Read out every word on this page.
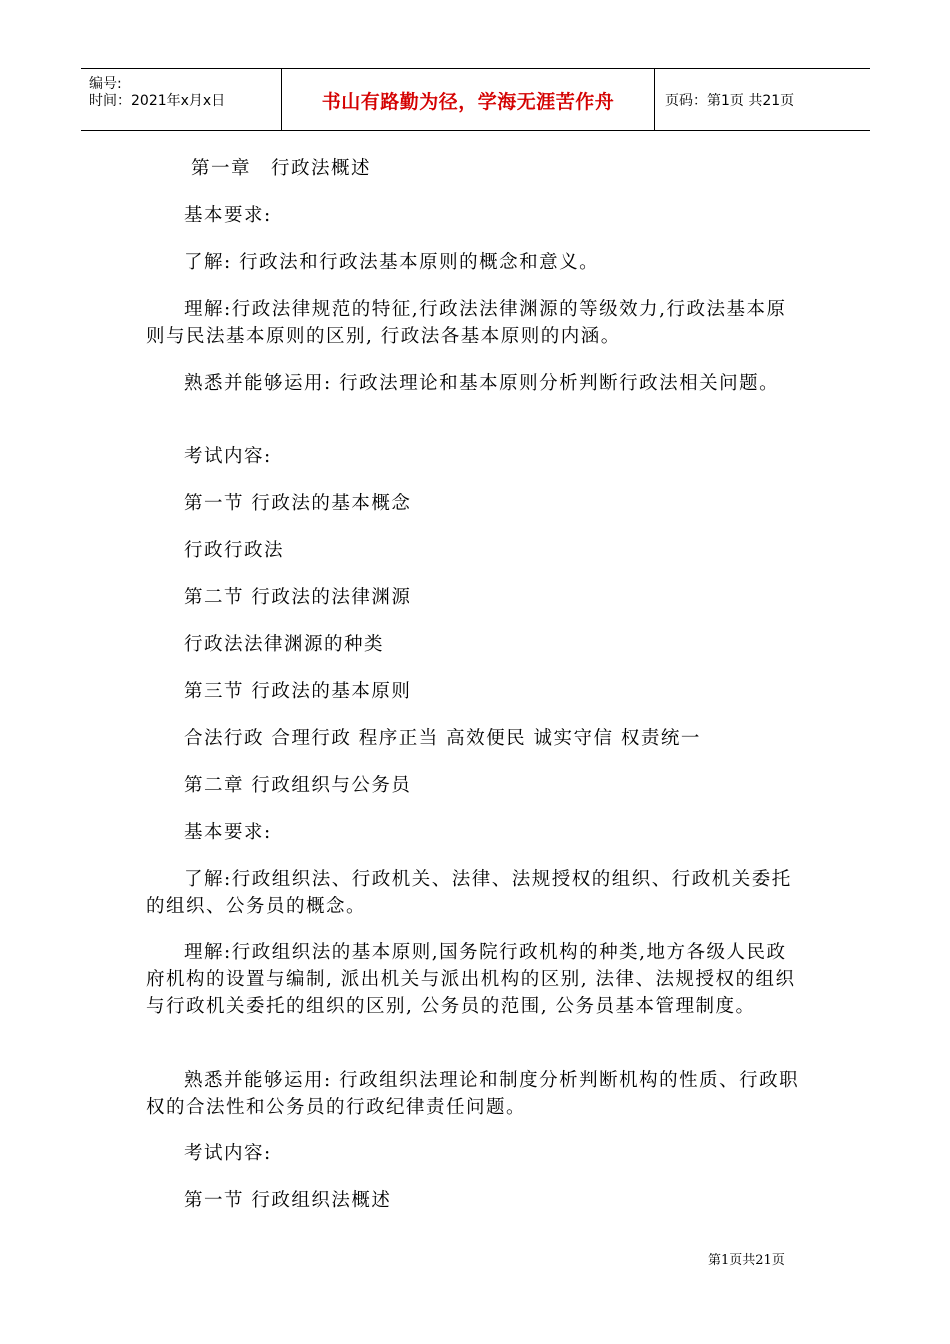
编号:
时间：2021年x月x日	书山有路勤为径，学海无涯苦作舟	页码：第1页 共21页

第一章　行政法概述

基本要求:

了解: 行政法和行政法基本原则的概念和意义。

理解:行政法律规范的特征,行政法法律渊源的等级效力,行政法基本原则与民法基本原则的区别, 行政法各基本原则的内涵。

熟悉并能够运用: 行政法理论和基本原则分析判断行政法相关问题。

考试内容:

第一节 行政法的基本概念

行政行政法

第二节 行政法的法律渊源

行政法法律渊源的种类

第三节 行政法的基本原则

合法行政 合理行政 程序正当 高效便民 诚实守信 权责统一

第二章 行政组织与公务员

基本要求:

了解:行政组织法、行政机关、法律、法规授权的组织、行政机关委托的组织、公务员的概念。

理解:行政组织法的基本原则,国务院行政机构的种类,地方各级人民政府机构的设置与编制, 派出机关与派出机构的区别, 法律、法规授权的组织与行政机关委托的组织的区别, 公务员的范围, 公务员基本管理制度。

熟悉并能够运用: 行政组织法理论和制度分析判断机构的性质、行政职权的合法性和公务员的行政纪律责任问题。

考试内容:

第一节 行政组织法概述

第1页共21页
